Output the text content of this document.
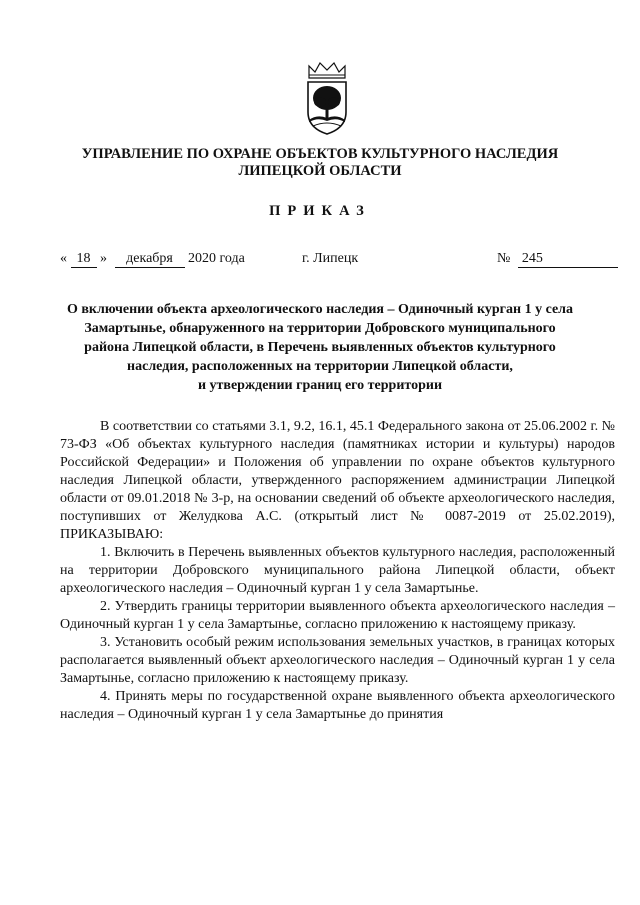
УПРАВЛЕНИЕ ПО ОХРАНЕ ОБЪЕКТОВ КУЛЬТУРНОГО НАСЛЕДИЯ
ЛИПЕЦКОЙ ОБЛАСТИ
ПРИКАЗ
« 18 » декабря 2020 года	г. Липецк	№ 245
О включении объекта археологического наследия – Одиночный курган 1 у села
Замартынье, обнаруженного на территории Добровского муниципального
района Липецкой области, в Перечень выявленных объектов культурного
наследия, расположенных на территории Липецкой области,
и утверждении границ его территории

В соответствии со статьями 3.1, 9.2, 16.1, 45.1 Федерального закона от 25.06.2002 г. № 73-ФЗ «Об объектах культурного наследия (памятниках истории и культуры) народов Российской Федерации» и Положения об управлении по охране объектов культурного наследия Липецкой области, утвержденного распоряжением администрации Липецкой области от 09.01.2018 № 3-р, на основании сведений об объекте археологического наследия, поступивших от Желудкова А.С. (открытый лист № 0087-2019 от 25.02.2019), ПРИКАЗЫВАЮ:

1. Включить в Перечень выявленных объектов культурного наследия, расположенный на территории Добровского муниципального района Липецкой области, объект археологического наследия – Одиночный курган 1 у села Замартынье.

2. Утвердить границы территории выявленного объекта археологического наследия – Одиночный курган 1 у села Замартынье, согласно приложению к настоящему приказу.

3. Установить особый режим использования земельных участков, в границах которых располагается выявленный объект археологического наследия – Одиночный курган 1 у села Замартынье, согласно приложению к настоящему приказу.

4. Принять меры по государственной охране выявленного объекта археологического наследия – Одиночный курган 1 у села Замартынье до принятия
